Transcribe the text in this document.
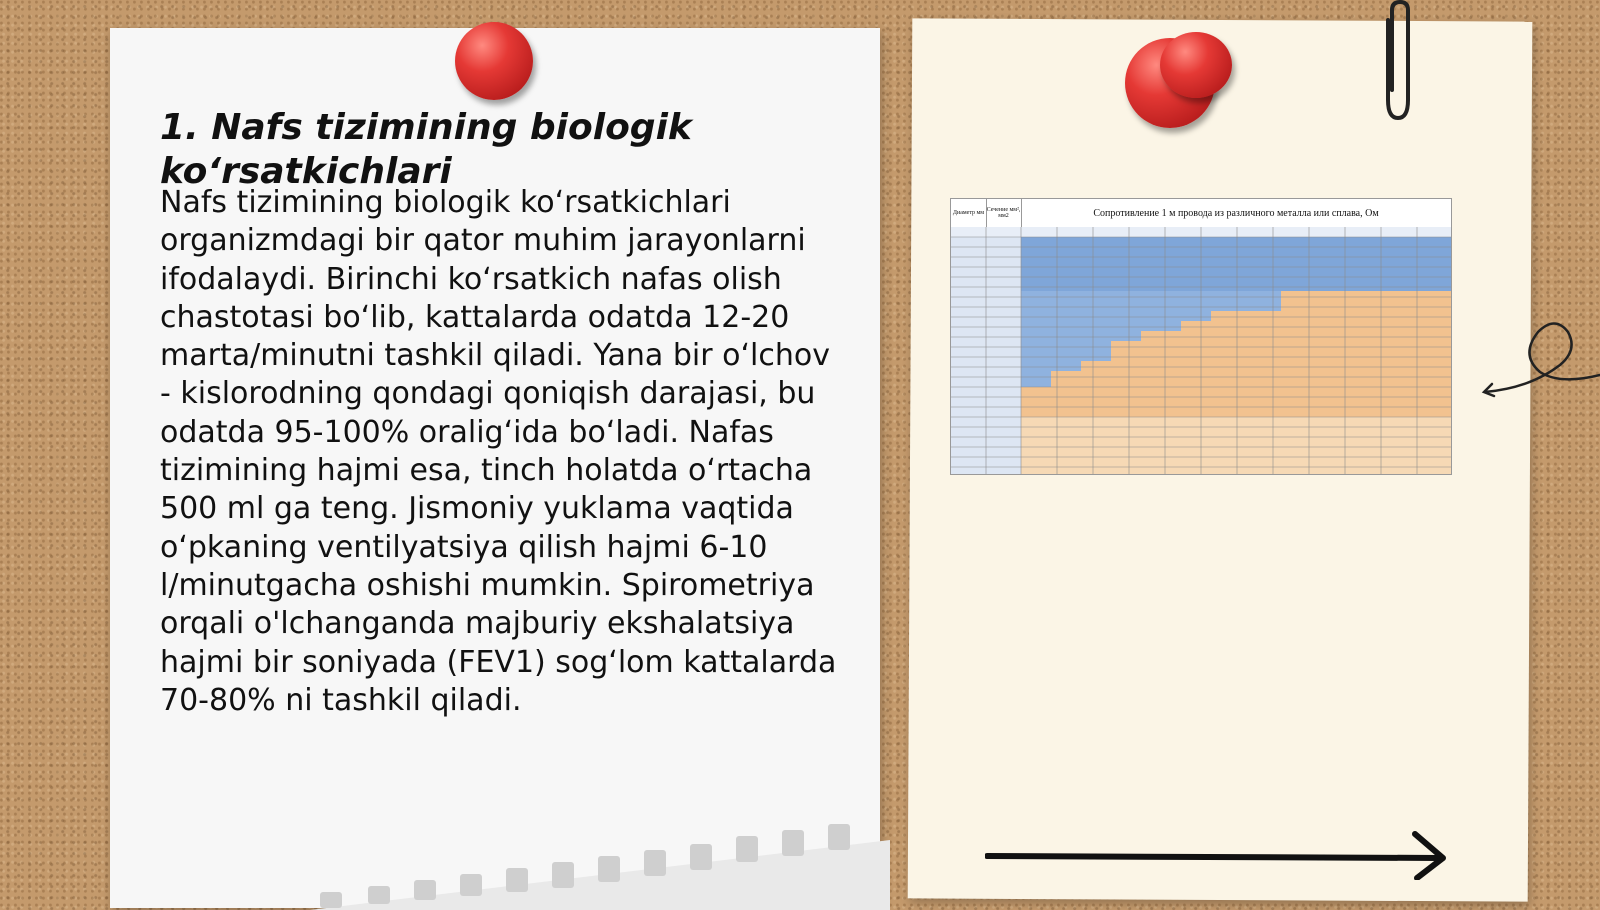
1. Nafs tizimining biologik ko‘rsatkichlari

Nafs tizimining biologik ko‘rsatkichlari organizmdagi bir qator muhim jarayonlarni ifodalaydi. Birinchi ko‘rsatkich nafas olish chastotasi bo‘lib, kattalarda odatda 12-20 marta/minutni tashkil qiladi. Yana bir o‘lchov - kislorodning qondagi qoniqish darajasi, bu odatda 95-100% oralig‘ida bo‘ladi. Nafas tizimining hajmi esa, tinch holatda o‘rtacha 500 ml ga teng. Jismoniy yuklama vaqtida o‘pkaning ventilyatsiya qilish hajmi 6-10 l/minutgacha oshishi mumkin. Spirometriya orqali o'lchanganda majburiy ekshalatsiya hajmi bir soniyada (FEV1) sog‘lom kattalarda 70-80% ni tashkil qiladi.

Диаметр мм Сечение мм², мм2	Сопротивление 1 м провода из различного металла или сплава, Ом
